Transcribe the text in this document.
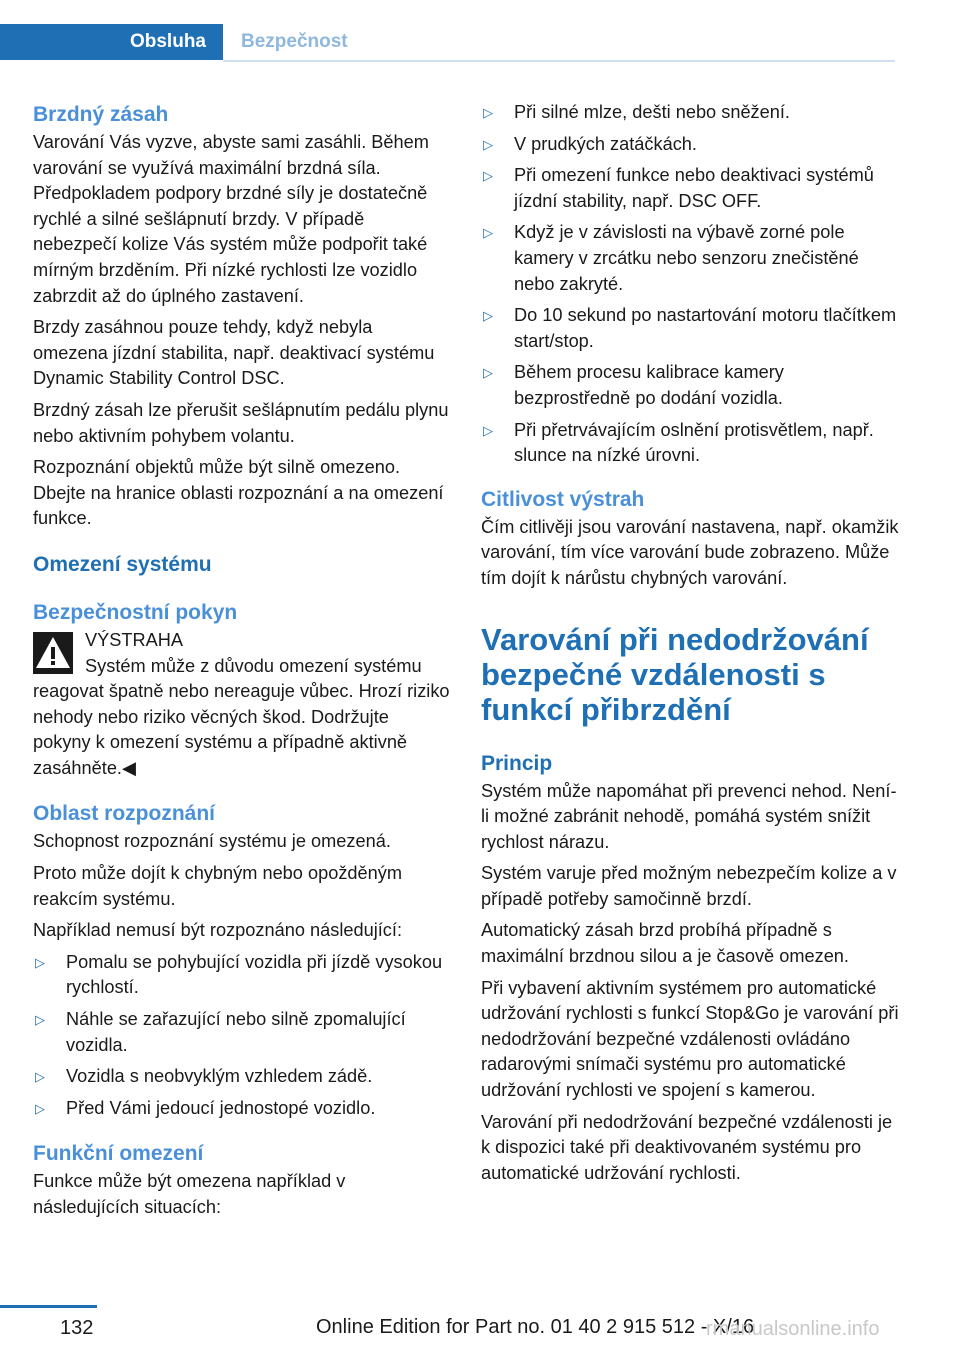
Obsluha	Bezpečnost
Brzdný zásah

Varování Vás vyzve, abyste sami zasáhli. Během varování se využívá maximální brzdná síla. Předpokladem podpory brzdné síly je dostatečně rychlé a silné sešlápnutí brzdy. V případě nebezpečí kolize Vás systém může podpořit také mírným brzděním. Při nízké rychlosti lze vozidlo zabrzdit až do úplného zastavení.

Brzdy zasáhnou pouze tehdy, když nebyla omezena jízdní stabilita, např. deaktivací systému Dynamic Stability Control DSC.

Brzdný zásah lze přerušit sešlápnutím pedálu plynu nebo aktivním pohybem volantu.

Rozpoznání objektů může být silně omezeno. Dbejte na hranice oblasti rozpoznání a na omezení funkce.

Omezení systému
Bezpečnostní pokyn

VÝSTRAHA

Systém může z důvodu omezení systému reagovat špatně nebo nereaguje vůbec. Hrozí riziko nehody nebo riziko věcných škod. Dodržujte pokyny k omezení systému a případně aktivně zasáhněte.◀

Oblast rozpoznání

Schopnost rozpoznání systému je omezená.

Proto může dojít k chybným nebo opožděným reakcím systému.

Například nemusí být rozpoznáno následující:

▷ Pomalu se pohybující vozidla při jízdě vysokou rychlostí.
▷ Náhle se zařazující nebo silně zpomalující vozidla.
▷ Vozidla s neobvyklým vzhledem zádě.
▷ Před Vámi jedoucí jednostopé vozidlo.
Funkční omezení

Funkce může být omezena například v následujících situacích:

▷ Při silné mlze, dešti nebo sněžení.
▷ V prudkých zatáčkách.
▷ Při omezení funkce nebo deaktivaci systémů jízdní stability, např. DSC OFF.
▷ Když je v závislosti na výbavě zorné pole kamery v zrcátku nebo senzoru znečistěné nebo zakryté.
▷ Do 10 sekund po nastartování motoru tlačítkem start/stop.
▷ Během procesu kalibrace kamery bezprostředně po dodání vozidla.
▷ Při přetrvávajícím oslnění protisvětlem, např. slunce na nízké úrovni.
Citlivost výstrah

Čím citlivěji jsou varování nastavena, např. okamžik varování, tím více varování bude zobrazeno. Může tím dojít k nárůstu chybných varování.

Varování při nedodržování bezpečné vzdálenosti s funkcí přibrzdění
Princip

Systém může napomáhat při prevenci nehod. Není-li možné zabránit nehodě, pomáhá systém snížit rychlost nárazu.

Systém varuje před možným nebezpečím kolize a v případě potřeby samočinně brzdí.

Automatický zásah brzd probíhá případně s maximální brzdnou silou a je časově omezen.

Při vybavení aktivním systémem pro automatické udržování rychlosti s funkcí Stop&Go je varování při nedodržování bezpečné vzdálenosti ovládáno radarovými snímači systému pro automatické udržování rychlosti ve spojení s kamerou.

Varování při nedodržování bezpečné vzdálenosti je k dispozici také při deaktivovaném systému pro automatické udržování rychlosti.

132	Online Edition for Part no. 01 40 2 915 512 - X/16
rmanualsonline.info
